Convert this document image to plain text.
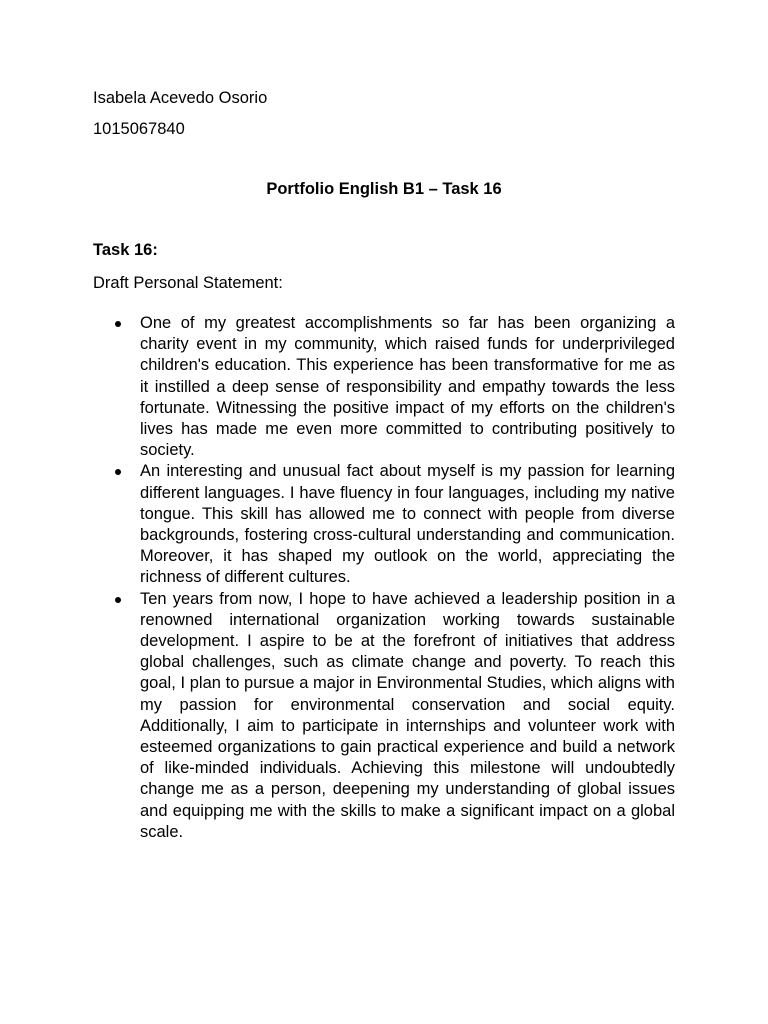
Isabela Acevedo Osorio
1015067840
Portfolio English B1 – Task 16
Task 16:
Draft Personal Statement:
One of my greatest accomplishments so far has been organizing a charity event in my community, which raised funds for underprivileged children's education. This experience has been transformative for me as it instilled a deep sense of responsibility and empathy towards the less fortunate. Witnessing the positive impact of my efforts on the children's lives has made me even more committed to contributing positively to society.
An interesting and unusual fact about myself is my passion for learning different languages. I have fluency in four languages, including my native tongue. This skill has allowed me to connect with people from diverse backgrounds, fostering cross-cultural understanding and communication. Moreover, it has shaped my outlook on the world, appreciating the richness of different cultures.
Ten years from now, I hope to have achieved a leadership position in a renowned international organization working towards sustainable development. I aspire to be at the forefront of initiatives that address global challenges, such as climate change and poverty. To reach this goal, I plan to pursue a major in Environmental Studies, which aligns with my passion for environmental conservation and social equity. Additionally, I aim to participate in internships and volunteer work with esteemed organizations to gain practical experience and build a network of like-minded individuals. Achieving this milestone will undoubtedly change me as a person, deepening my understanding of global issues and equipping me with the skills to make a significant impact on a global scale.
